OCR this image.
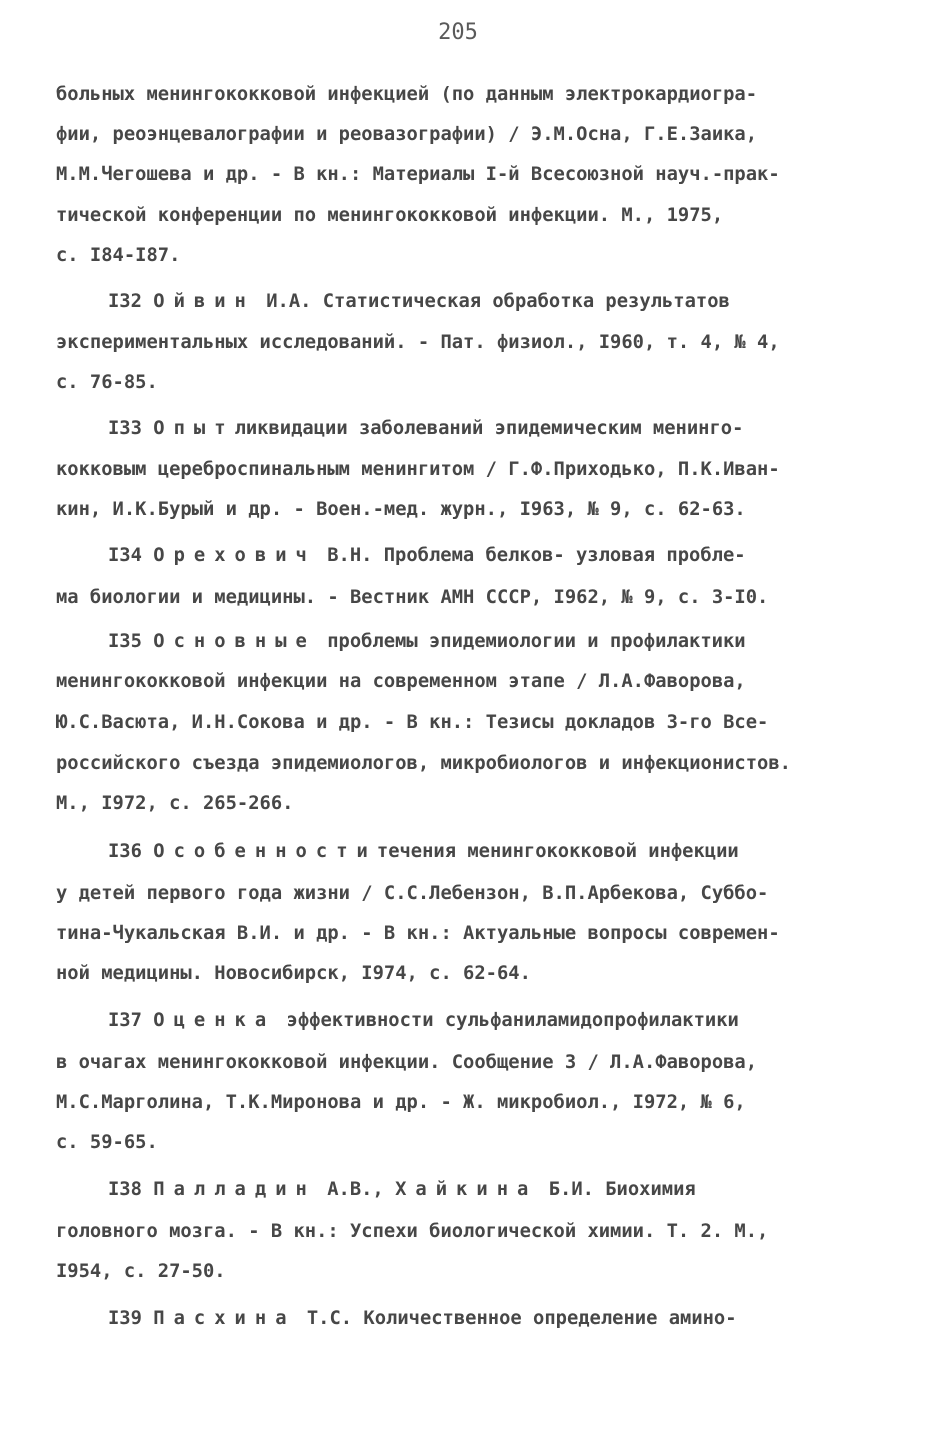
205
больных менингококковой инфекцией (по данным электрокардиогра-
фии, реоэнцевалографии и реовазографии) / Э.М.Осна, Г.Е.Заика,
М.М.Чегошева и др. - В кн.: Материалы I-й Всесоюзной науч.-прак-
тической конференции по менингококковой инфекции. М., 1975,
с. I84-I87.
I32 Ойвин И.А. Статистическая обработка результатов
экспериментальных исследований. - Пат. физиол., I960, т. 4, № 4,
с. 76-85.
I33 Опытликвидации заболеваний эпидемическим менинго-
кокковым цереброспинальным менингитом / Г.Ф.Приходько, П.К.Иван-
кин, И.К.Бурый и др. - Воен.-мед. журн., I963, № 9, с. 62-63.
I34 Орехович В.Н. Проблема белков- узловая пробле-
ма биологии и медицины. - Вестник АМН СССР, I962, № 9, с. 3-I0.
I35 Основные проблемы эпидемиологии и профилактики
менингококковой инфекции на современном этапе / Л.А.Фаворова,
Ю.С.Васюта, И.Н.Сокова и др. - В кн.: Тезисы докладов 3-го Все-
российского съезда эпидемиологов, микробиологов и инфекционистов.
М., I972, с. 265-266.
I36 Особенноститечения менингококковой инфекции
у детей первого года жизни / С.С.Лебензон, В.П.Арбекова, Суббо-
тина-Чукальская В.И. и др. - В кн.: Актуальные вопросы современ-
ной медицины. Новосибирск, I974, с. 62-64.
I37 Оценка эффективности сульфаниламидопрофилактики
в очагах менингококковой инфекции. Сообщение 3 / Л.А.Фаворова,
М.С.Марголина, Т.К.Миронова и др. - Ж. микробиол., I972, № 6,
с. 59-65.
I38 Палладин А.В., Хайкина Б.И. Биохимия
головного мозга. - В кн.: Успехи биологической химии. Т. 2. М.,
I954, с. 27-50.
I39 Пасхина Т.С. Количественное определение амино-
